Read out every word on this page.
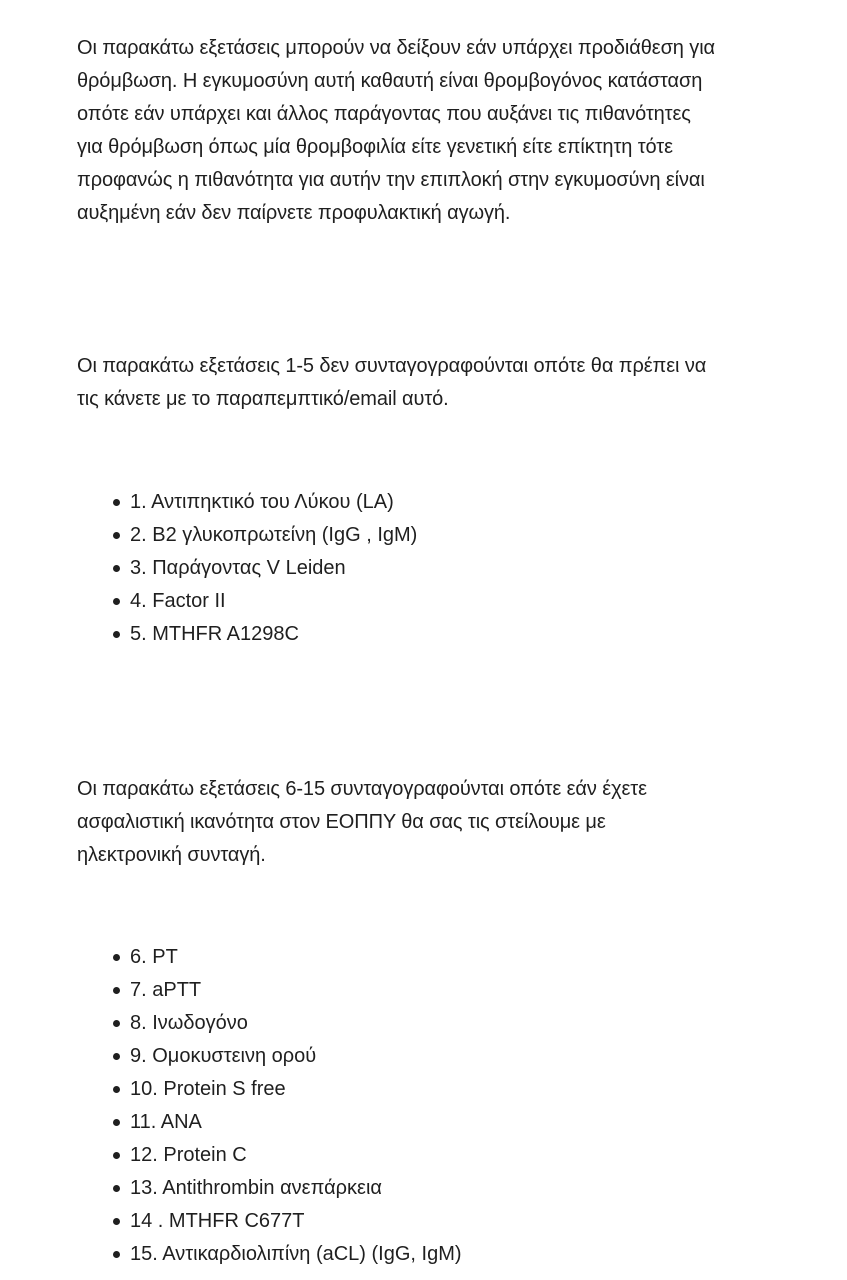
Οι παρακάτω εξετάσεις μπορούν να δείξουν εάν υπάρχει προδιάθεση για
θρόμβωση. Η εγκυμοσύνη αυτή καθαυτή είναι θρομβογόνος κατάσταση
οπότε εάν υπάρχει και άλλος παράγοντας που αυξάνει τις πιθανότητες
για θρόμβωση όπως μία θρομβοφιλία είτε γενετική είτε επίκτητη τότε
προφανώς η πιθανότητα για αυτήν την επιπλοκή στην εγκυμοσύνη είναι
αυξημένη εάν δεν παίρνετε προφυλακτική αγωγή.

Οι παρακάτω εξετάσεις 1-5 δεν συνταγογραφούνται οπότε θα πρέπει να
τις κάνετε με το παραπεμπτικό/email αυτό.

1. Αντιπηκτικό του Λύκου (LA)
2. Β2 γλυκοπρωτείνη (IgG , IgM)
3. Παράγοντας V Leiden
4. Factor II
5. MTHFR A1298C

Οι παρακάτω εξετάσεις 6-15 συνταγογραφούνται οπότε εάν έχετε
ασφαλιστική ικανότητα στον ΕΟΠΠΥ θα σας τις στείλουμε με
ηλεκτρονική συνταγή.

6. PT
7. aPTT
8. Ινωδογόνο
9. Ομοκυστεινη ορού
10. Protein S free
11. ANA
12. Protein C
13. Antithrombin ανεπάρκεια
14 . MTHFR C677T
15. Αντικαρδιολιπίνη (aCL) (IgG, IgM)
